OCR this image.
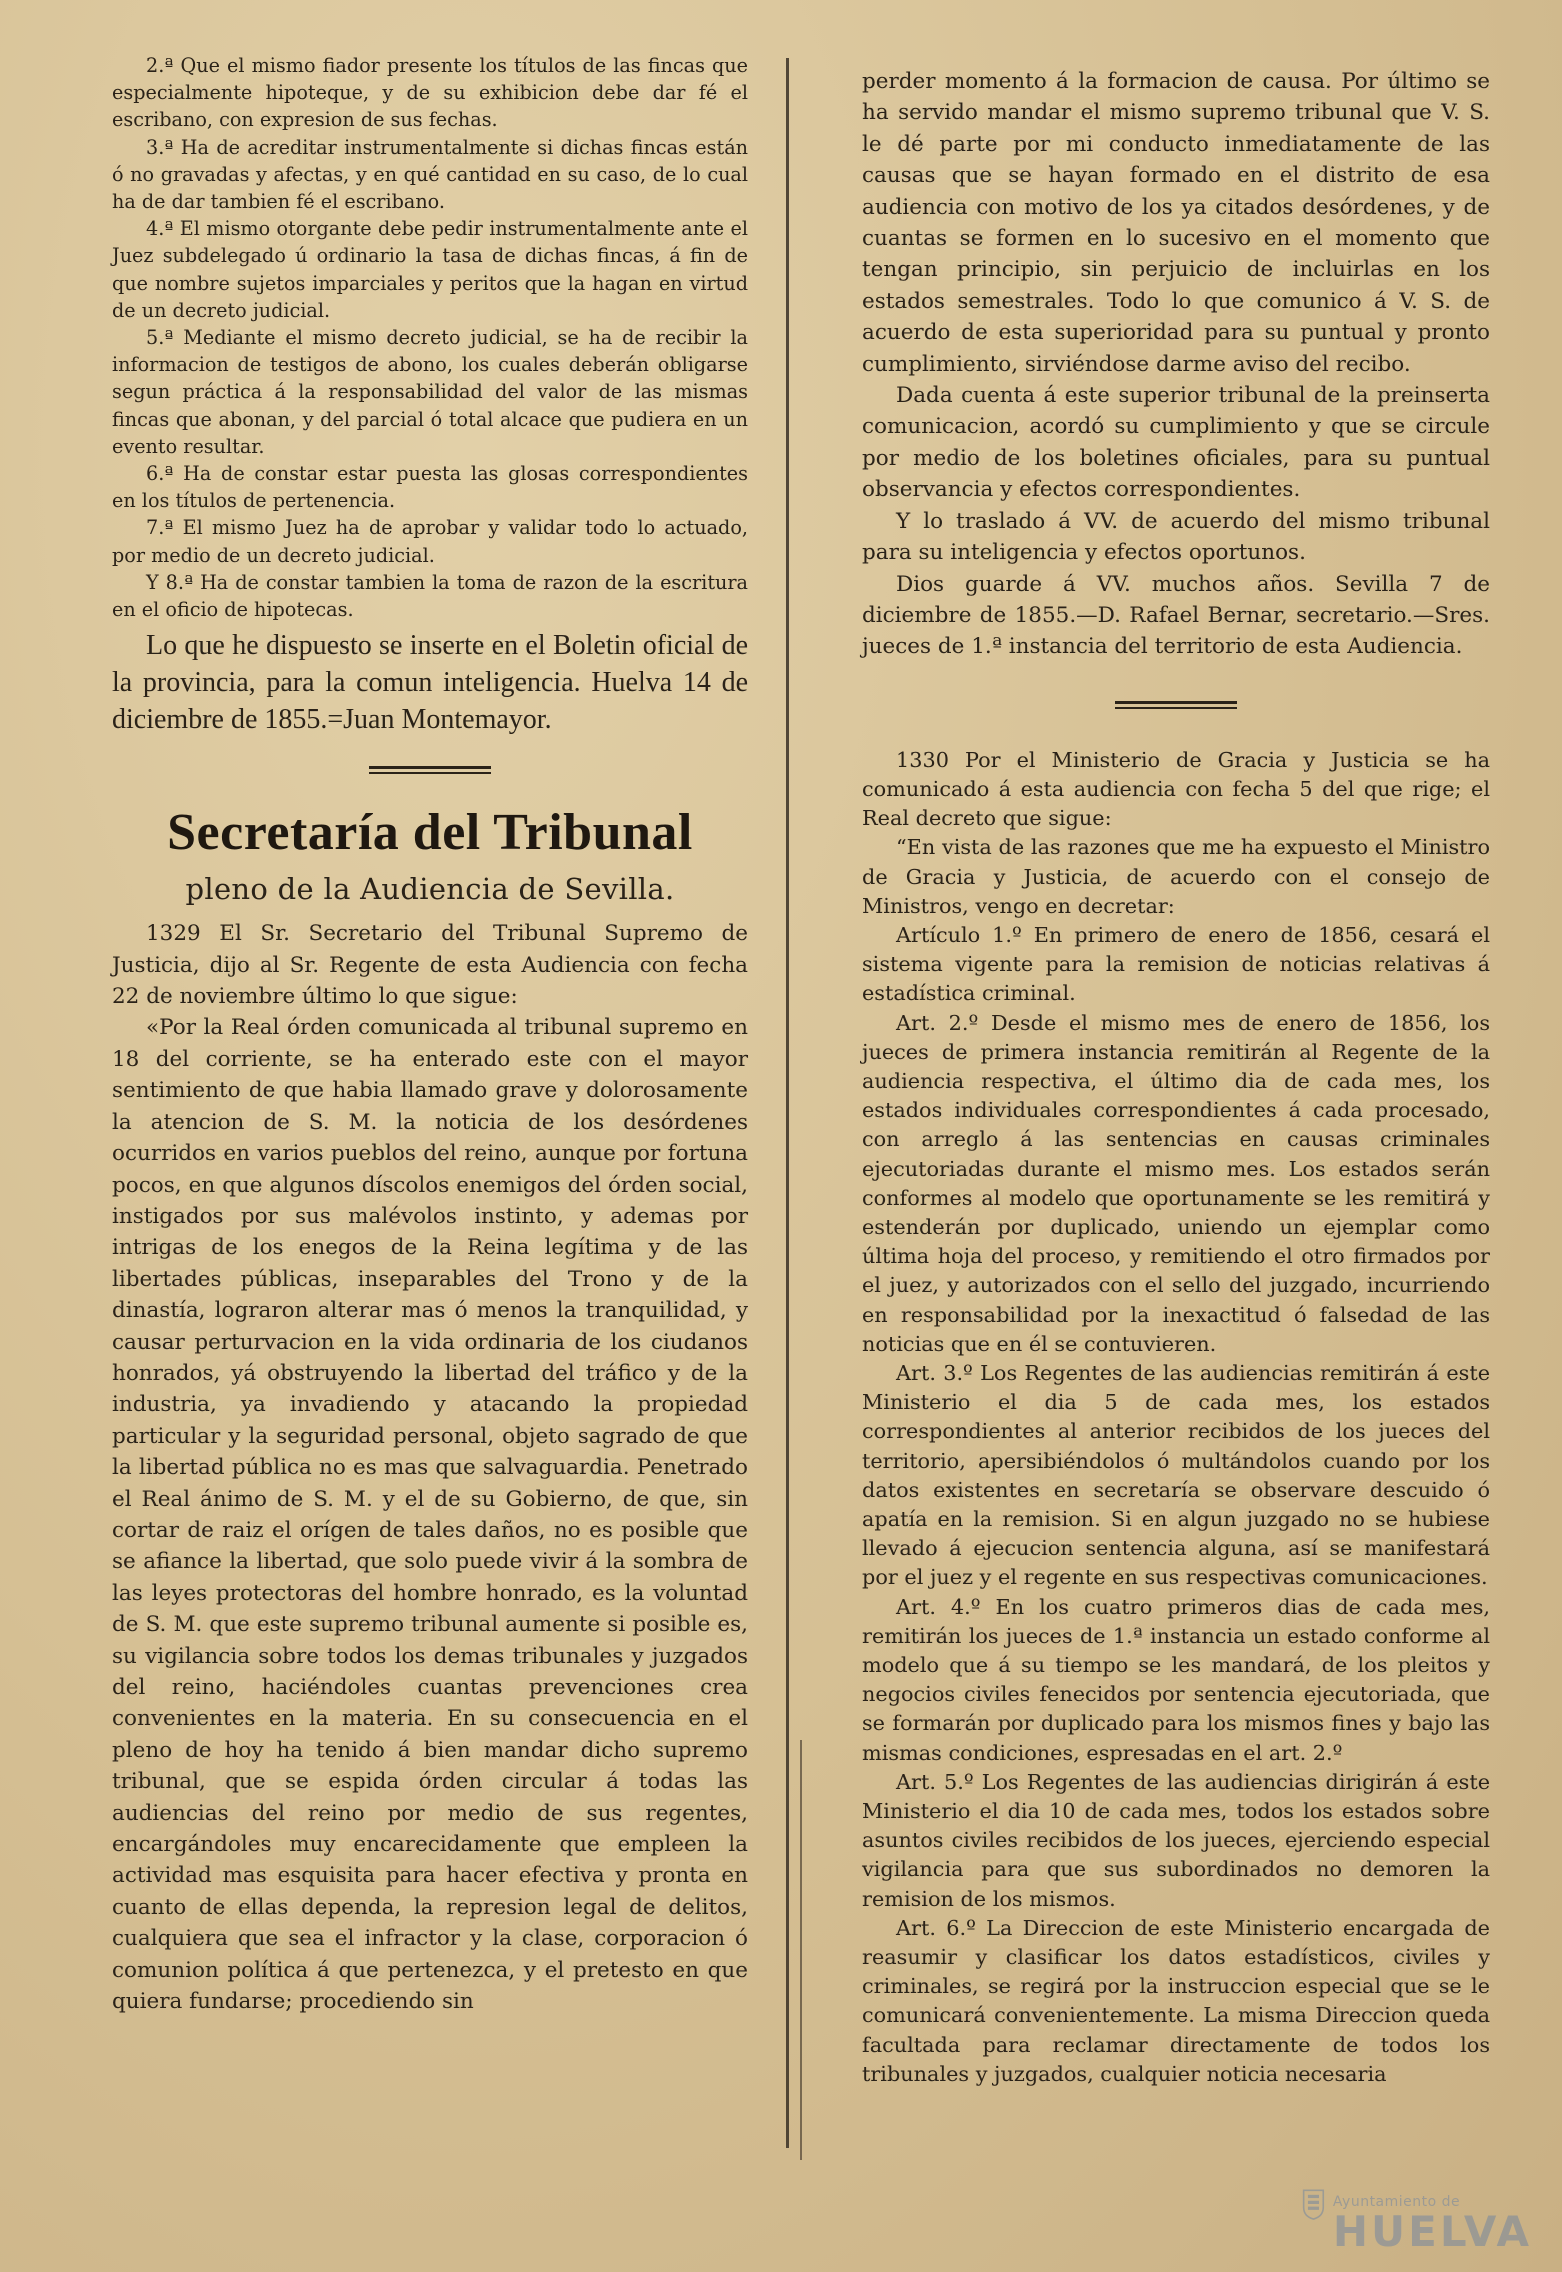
2.ª Que el mismo fiador presente los títulos de las fincas que especialmente hipoteque, y de su exhibicion debe dar fé el escribano, con expresion de sus fechas.

3.ª Ha de acreditar instrumentalmente si dichas fincas están ó no gravadas y afectas, y en qué cantidad en su caso, de lo cual ha de dar tambien fé el escribano.

4.ª El mismo otorgante debe pedir instrumentalmente ante el Juez subdelegado ú ordinario la tasa de dichas fincas, á fin de que nombre sujetos imparciales y peritos que la hagan en virtud de un decreto judicial.

5.ª Mediante el mismo decreto judicial, se ha de recibir la informacion de testigos de abono, los cuales deberán obligarse segun práctica á la responsabilidad del valor de las mismas fincas que abonan, y del parcial ó total alcace que pudiera en un evento resultar.

6.ª Ha de constar estar puesta las glosas correspondientes en los títulos de pertenencia.

7.ª El mismo Juez ha de aprobar y validar todo lo actuado, por medio de un decreto judicial.

Y 8.ª Ha de constar tambien la toma de razon de la escritura en el oficio de hipotecas.

Lo que he dispuesto se inserte en el Boletin oficial de la provincia, para la comun inteligencia. Huelva 14 de diciembre de 1855.=Juan Montemayor.

Secretaría del Tribunal
pleno de la Audiencia de Sevilla.

1329 El Sr. Secretario del Tribunal Supremo de Justicia, dijo al Sr. Regente de esta Audiencia con fecha 22 de noviembre último lo que sigue:

«Por la Real órden comunicada al tribunal supremo en 18 del corriente, se ha enterado este con el mayor sentimiento de que habia llamado grave y dolorosamente la atencion de S. M. la noticia de los desórdenes ocurridos en varios pueblos del reino, aunque por fortuna pocos, en que algunos díscolos enemigos del órden social, instigados por sus malévolos instinto, y ademas por intrigas de los enegos de la Reina legítima y de las libertades públicas, inseparables del Trono y de la dinastía, lograron alterar mas ó menos la tranquilidad, y causar perturvacion en la vida ordinaria de los ciudanos honrados, yá obstruyendo la libertad del tráfico y de la industria, ya invadiendo y atacando la propiedad particular y la seguridad personal, objeto sagrado de que la libertad pública no es mas que salvaguardia. Penetrado el Real ánimo de S. M. y el de su Gobierno, de que, sin cortar de raiz el orígen de tales daños, no es posible que se afiance la libertad, que solo puede vivir á la sombra de las leyes protectoras del hombre honrado, es la voluntad de S. M. que este supremo tribunal aumente si posible es, su vigilancia sobre todos los demas tribunales y juzgados del reino, haciéndoles cuantas prevenciones crea convenientes en la materia. En su consecuencia en el pleno de hoy ha tenido á bien mandar dicho supremo tribunal, que se espida órden circular á todas las audiencias del reino por medio de sus regentes, encargándoles muy encarecidamente que empleen la actividad mas esquisita para hacer efectiva y pronta en cuanto de ellas dependa, la represion legal de delitos, cualquiera que sea el infractor y la clase, corporacion ó comunion política á que pertenezca, y el pretesto en que quiera fundarse; procediendo sin

perder momento á la formacion de causa. Por último se ha servido mandar el mismo supremo tribunal que V. S. le dé parte por mi conducto inmediatamente de las causas que se hayan formado en el distrito de esa audiencia con motivo de los ya citados desórdenes, y de cuantas se formen en lo sucesivo en el momento que tengan principio, sin perjuicio de incluirlas en los estados semestrales. Todo lo que comunico á V. S. de acuerdo de esta superioridad para su puntual y pronto cumplimiento, sirviéndose darme aviso del recibo.

Dada cuenta á este superior tribunal de la preinserta comunicacion, acordó su cumplimiento y que se circule por medio de los boletines oficiales, para su puntual observancia y efectos correspondientes.

Y lo traslado á VV. de acuerdo del mismo tribunal para su inteligencia y efectos oportunos.

Dios guarde á VV. muchos años. Sevilla 7 de diciembre de 1855.—D. Rafael Bernar, secretario.—Sres. jueces de 1.ª instancia del territorio de esta Audiencia.

1330 Por el Ministerio de Gracia y Justicia se ha comunicado á esta audiencia con fecha 5 del que rige; el Real decreto que sigue:

“En vista de las razones que me ha expuesto el Ministro de Gracia y Justicia, de acuerdo con el consejo de Ministros, vengo en decretar:

Artículo 1.º En primero de enero de 1856, cesará el sistema vigente para la remision de noticias relativas á estadística criminal.

Art. 2.º Desde el mismo mes de enero de 1856, los jueces de primera instancia remitirán al Regente de la audiencia respectiva, el último dia de cada mes, los estados individuales correspondientes á cada procesado, con arreglo á las sentencias en causas criminales ejecutoriadas durante el mismo mes. Los estados serán conformes al modelo que oportunamente se les remitirá y estenderán por duplicado, uniendo un ejemplar como última hoja del proceso, y remitiendo el otro firmados por el juez, y autorizados con el sello del juzgado, incurriendo en responsabilidad por la inexactitud ó falsedad de las noticias que en él se contuvieren.

Art. 3.º Los Regentes de las audiencias remitirán á este Ministerio el dia 5 de cada mes, los estados correspondientes al anterior recibidos de los jueces del territorio, apersibiéndolos ó multándolos cuando por los datos existentes en secretaría se observare descuido ó apatía en la remision. Si en algun juzgado no se hubiese llevado á ejecucion sentencia alguna, así se manifestará por el juez y el regente en sus respectivas comunicaciones.

Art. 4.º En los cuatro primeros dias de cada mes, remitirán los jueces de 1.ª instancia un estado conforme al modelo que á su tiempo se les mandará, de los pleitos y negocios civiles fenecidos por sentencia ejecutoriada, que se formarán por duplicado para los mismos fines y bajo las mismas condiciones, espresadas en el art. 2.º

Art. 5.º Los Regentes de las audiencias dirigirán á este Ministerio el dia 10 de cada mes, todos los estados sobre asuntos civiles recibidos de los jueces, ejerciendo especial vigilancia para que sus subordinados no demoren la remision de los mismos.

Art. 6.º La Direccion de este Ministerio encargada de reasumir y clasificar los datos estadísticos, civiles y criminales, se regirá por la instruccion especial que se le comunicará convenientemente. La misma Direccion queda facultada para reclamar directamente de todos los tribunales y juzgados, cualquier noticia necesaria

Ayuntamiento de
HUELVA
